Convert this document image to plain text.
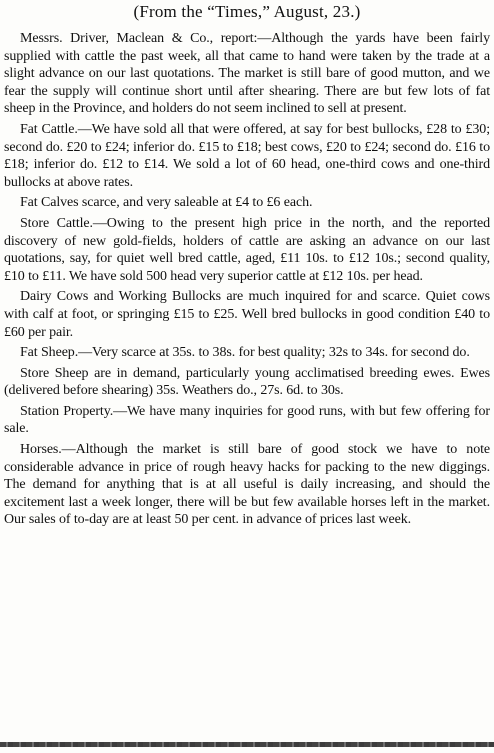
(From the “Times,” August, 23.)

Messrs. Driver, Maclean & Co., report:—Although the yards have been fairly supplied with cattle the past week, all that came to hand were taken by the trade at a slight advance on our last quotations. The market is still bare of good mutton, and we fear the supply will continue short until after shearing. There are but few lots of fat sheep in the Province, and holders do not seem inclined to sell at present.

Fat Cattle.—We have sold all that were offered, at say for best bullocks, £28 to £30; second do. £20 to £24; inferior do. £15 to £18; best cows, £20 to £24; second do. £16 to £18; inferior do. £12 to £14. We sold a lot of 60 head, one-third cows and one-third bullocks at above rates.

Fat Calves scarce, and very saleable at £4 to £6 each.

Store Cattle.—Owing to the present high price in the north, and the reported discovery of new gold-fields, holders of cattle are asking an advance on our last quotations, say, for quiet well bred cattle, aged, £11 10s. to £12 10s.; second quality, £10 to £11. We have sold 500 head very superior cattle at £12 10s. per head.

Dairy Cows and Working Bullocks are much inquired for and scarce. Quiet cows with calf at foot, or springing £15 to £25. Well bred bullocks in good condition £40 to £60 per pair.

Fat Sheep.—Very scarce at 35s. to 38s. for best quality; 32s to 34s. for second do.

Store Sheep are in demand, particularly young acclimatised breeding ewes. Ewes (delivered before shearing) 35s. Weathers do., 27s. 6d. to 30s.

Station Property.—We have many inquiries for good runs, with but few offering for sale.

Horses.—Although the market is still bare of good stock we have to note considerable advance in price of rough heavy hacks for packing to the new diggings. The demand for anything that is at all useful is daily increasing, and should the excitement last a week longer, there will be but few available horses left in the market. Our sales of to-day are at least 50 per cent. in advance of prices last week.
